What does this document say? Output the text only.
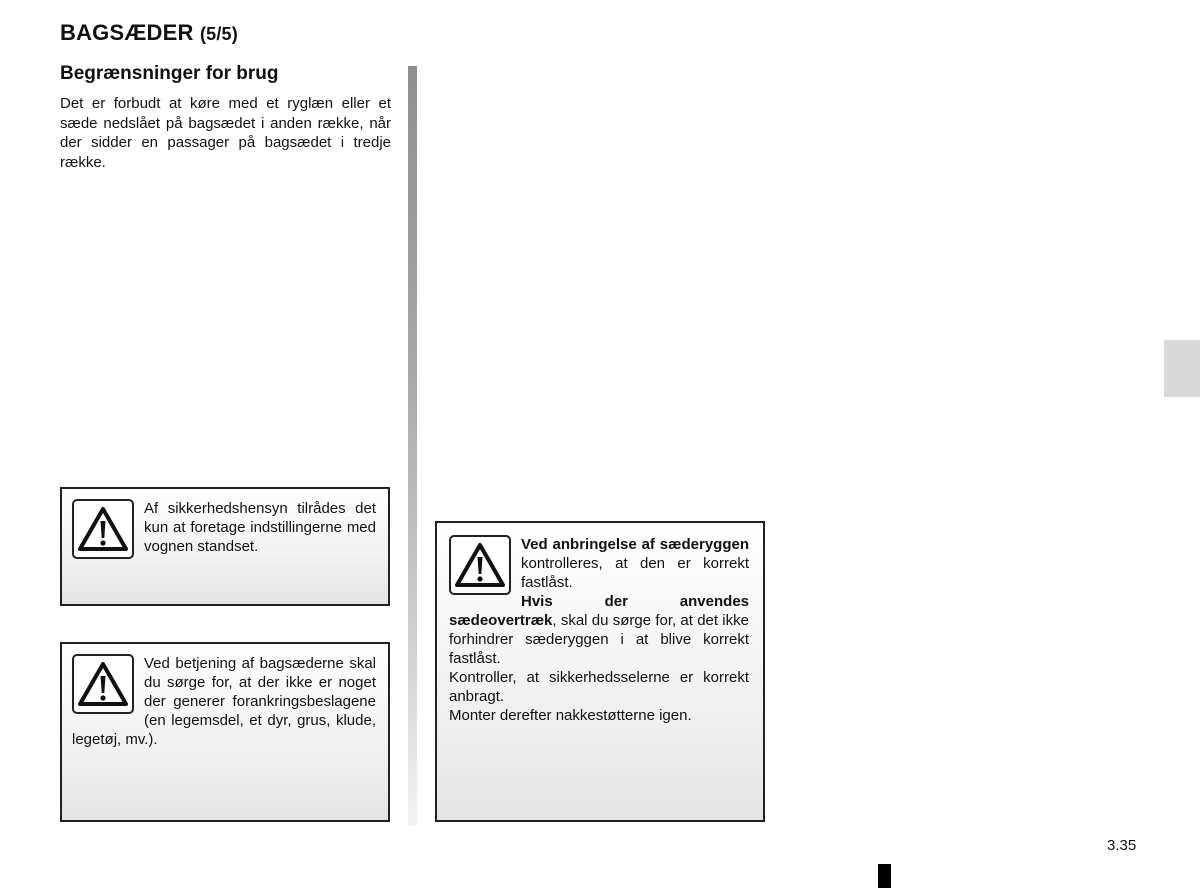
BAGSÆDER (5/5)
Begrænsninger for brug
Det er forbudt at køre med et ryglæn eller et sæde nedslået på bagsædet i anden række, når der sidder en passager på bagsædet i tredje række.

Af sikkerhedshensyn tilrådes det kun at foretage indstillingerne med vognen standset.

Ved betjening af bagsæderne skal du sørge for, at der ikke er noget der generer forankringsbeslagene (en legemsdel, et dyr, grus, klude, legetøj, mv.).

Ved anbringelse af sæderyggen kontrolleres, at den er korrekt fastlåst.

Hvis der anvendes sædeovertræk, skal du sørge for, at det ikke forhindrer sæderyggen i at blive korrekt fastlåst.

Kontroller, at sikkerhedsselerne er korrekt anbragt.

Monter derefter nakkestøtterne igen.

3.35
